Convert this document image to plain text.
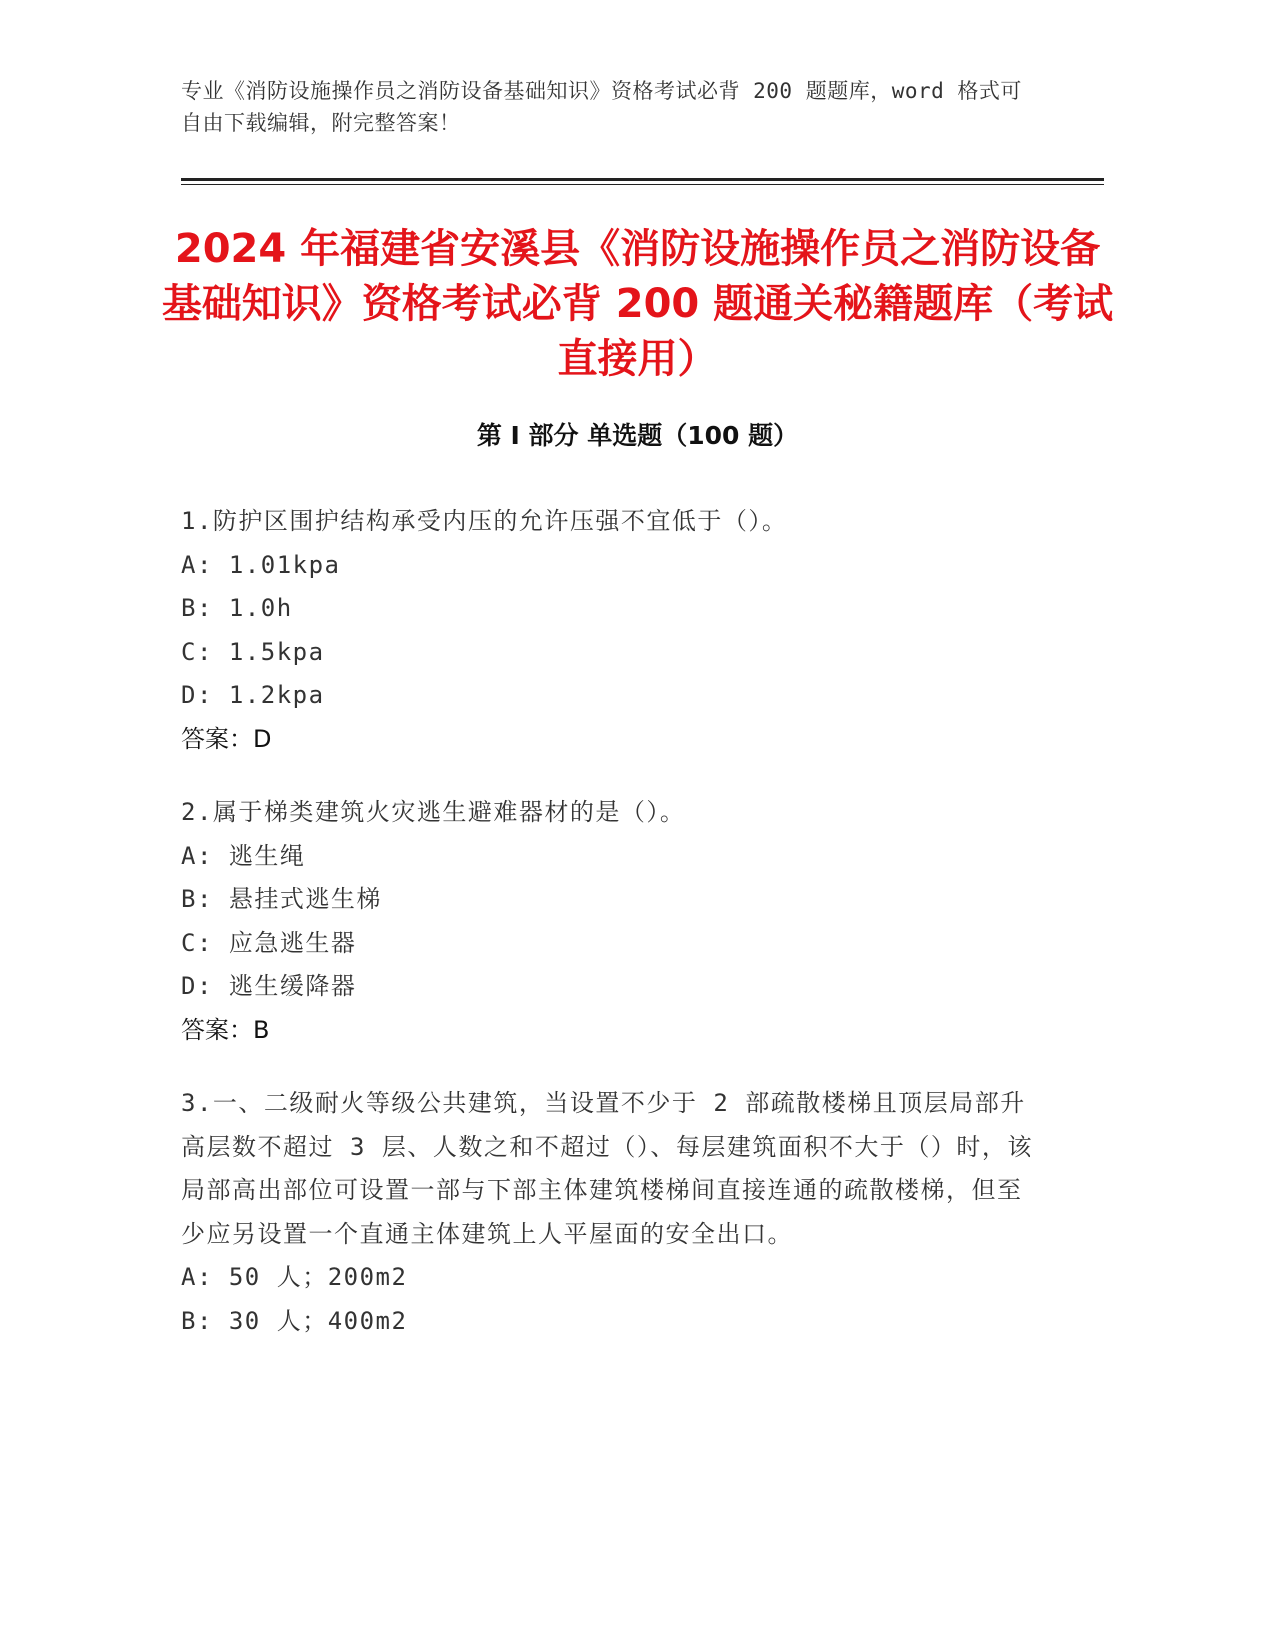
专业《消防设施操作员之消防设备基础知识》资格考试必背 200 题题库，word 格式可自由下载编辑，附完整答案！
2024 年福建省安溪县《消防设施操作员之消防设备基础知识》资格考试必背 200 题通关秘籍题库（考试直接用）
第 I 部分 单选题（100 题）
1.防护区围护结构承受内压的允许压强不宜低于（）。
A: 1.01kpa
B: 1.0h
C: 1.5kpa
D: 1.2kpa
答案：D
2.属于梯类建筑火灾逃生避难器材的是（）。
A: 逃生绳
B: 悬挂式逃生梯
C: 应急逃生器
D: 逃生缓降器
答案：B
3.一、二级耐火等级公共建筑，当设置不少于 2 部疏散楼梯且顶层局部升高层数不超过 3 层、人数之和不超过（）、每层建筑面积不大于（）时，该局部高出部位可设置一部与下部主体建筑楼梯间直接连通的疏散楼梯，但至少应另设置一个直通主体建筑上人平屋面的安全出口。
A: 50 人；200m2
B: 30 人；400m2
